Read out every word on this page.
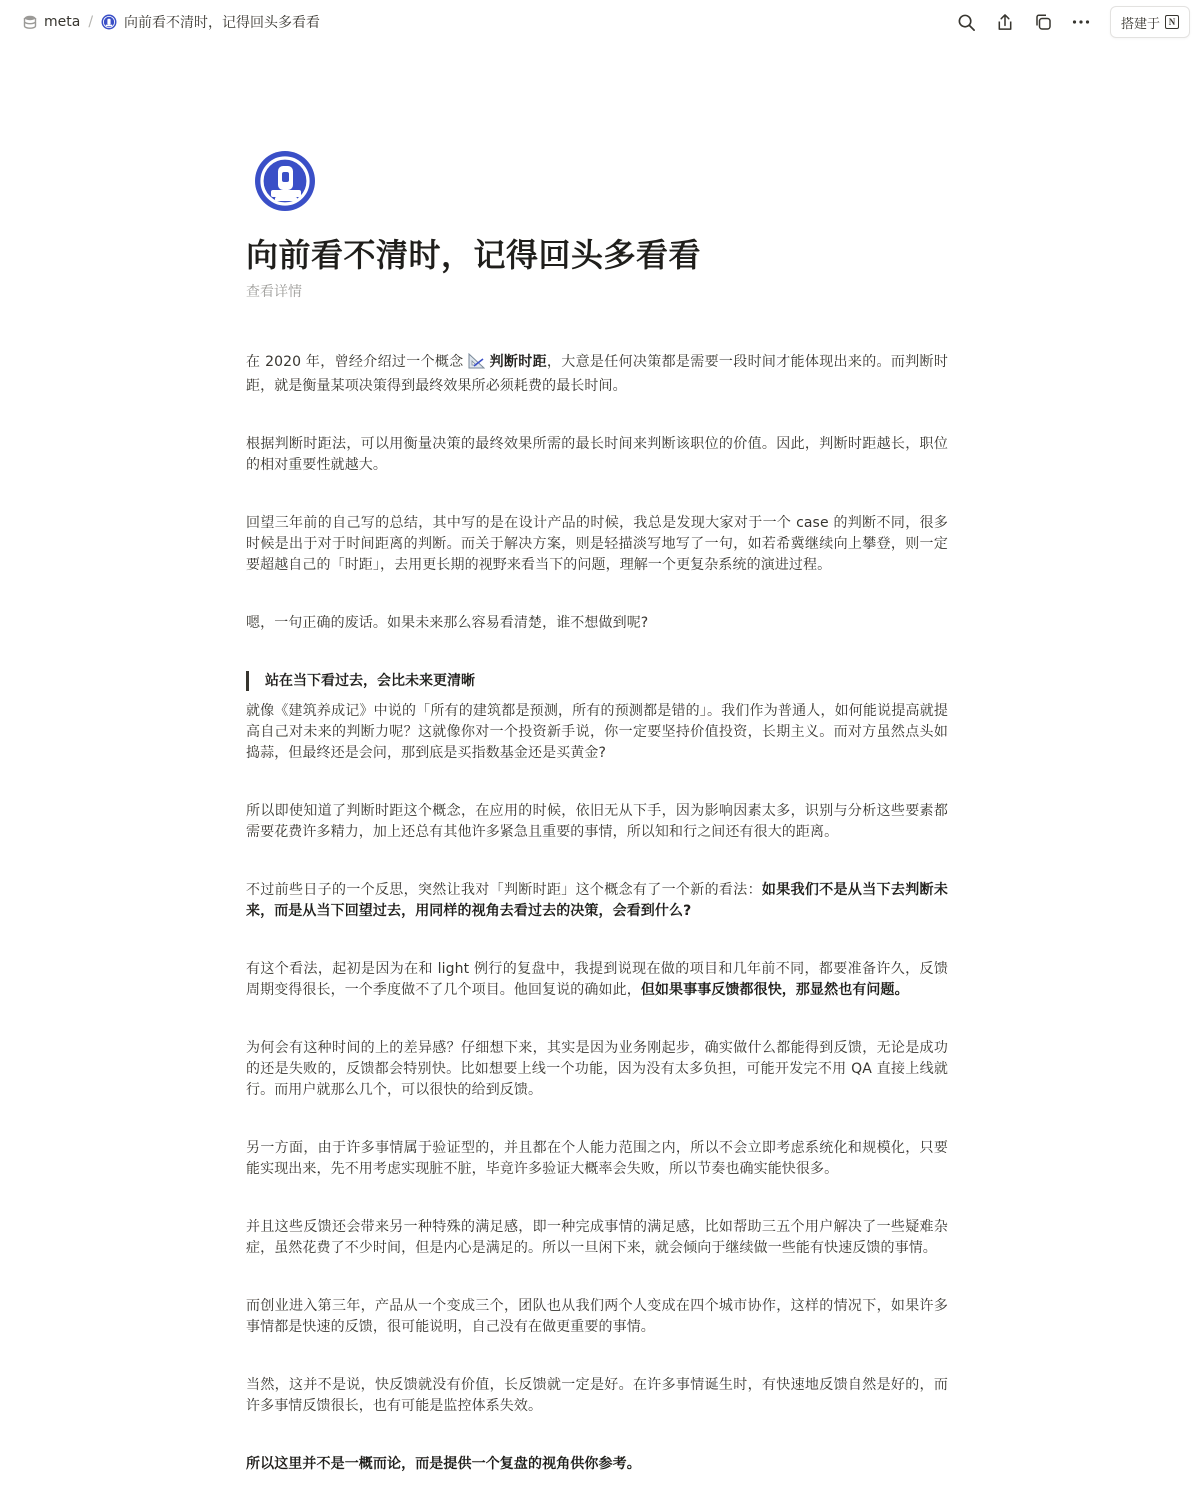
meta / 向前看不清时，记得回头多看看	搭建于 N
向前看不清时，记得回头多看看
查看详情

在 2020 年，曾经介绍过一个概念 判断时距，大意是任何决策都是需要一段时间才能体现出来的。而判断时距，就是衡量某项决策得到最终效果所必须耗费的最长时间。

根据判断时距法，可以用衡量决策的最终效果所需的最长时间来判断该职位的价值。因此，判断时距越长，职位的相对重要性就越大。

回望三年前的自己写的总结，其中写的是在设计产品的时候，我总是发现大家对于一个 case 的判断不同，很多时候是出于对于时间距离的判断。而关于解决方案，则是轻描淡写地写了一句，如若希冀继续向上攀登，则一定要超越自己的「时距」，去用更长期的视野来看当下的问题，理解一个更复杂系统的演进过程。

嗯，一句正确的废话。如果未来那么容易看清楚，谁不想做到呢?

站在当下看过去，会比未来更清晰

就像《建筑养成记》中说的「所有的建筑都是预测，所有的预测都是错的」。我们作为普通人，如何能说提高就提高自己对未来的判断力呢？这就像你对一个投资新手说，你一定要坚持价值投资，长期主义。而对方虽然点头如捣蒜，但最终还是会问，那到底是买指数基金还是买黄金?

所以即使知道了判断时距这个概念，在应用的时候，依旧无从下手，因为影响因素太多，识别与分析这些要素都需要花费许多精力，加上还总有其他许多紧急且重要的事情，所以知和行之间还有很大的距离。

不过前些日子的一个反思，突然让我对「判断时距」这个概念有了一个新的看法：如果我们不是从当下去判断未来，而是从当下回望过去，用同样的视角去看过去的决策，会看到什么?

有这个看法，起初是因为在和 light 例行的复盘中，我提到说现在做的项目和几年前不同，都要准备许久，反馈周期变得很长，一个季度做不了几个项目。他回复说的确如此，但如果事事反馈都很快，那显然也有问题。

为何会有这种时间的上的差异感？仔细想下来，其实是因为业务刚起步，确实做什么都能得到反馈，无论是成功的还是失败的，反馈都会特别快。比如想要上线一个功能，因为没有太多负担，可能开发完不用 QA 直接上线就行。而用户就那么几个，可以很快的给到反馈。

另一方面，由于许多事情属于验证型的，并且都在个人能力范围之内，所以不会立即考虑系统化和规模化，只要能实现出来，先不用考虑实现脏不脏，毕竟许多验证大概率会失败，所以节奏也确实能快很多。

并且这些反馈还会带来另一种特殊的满足感，即一种完成事情的满足感，比如帮助三五个用户解决了一些疑难杂症，虽然花费了不少时间，但是内心是满足的。所以一旦闲下来，就会倾向于继续做一些能有快速反馈的事情。

而创业进入第三年，产品从一个变成三个，团队也从我们两个人变成在四个城市协作，这样的情况下，如果许多事情都是快速的反馈，很可能说明，自己没有在做更重要的事情。

当然，这并不是说，快反馈就没有价值，长反馈就一定是好。在许多事情诞生时，有快速地反馈自然是好的，而许多事情反馈很长，也有可能是监控体系失效。

所以这里并不是一概而论，而是提供一个复盘的视角供你参考。
